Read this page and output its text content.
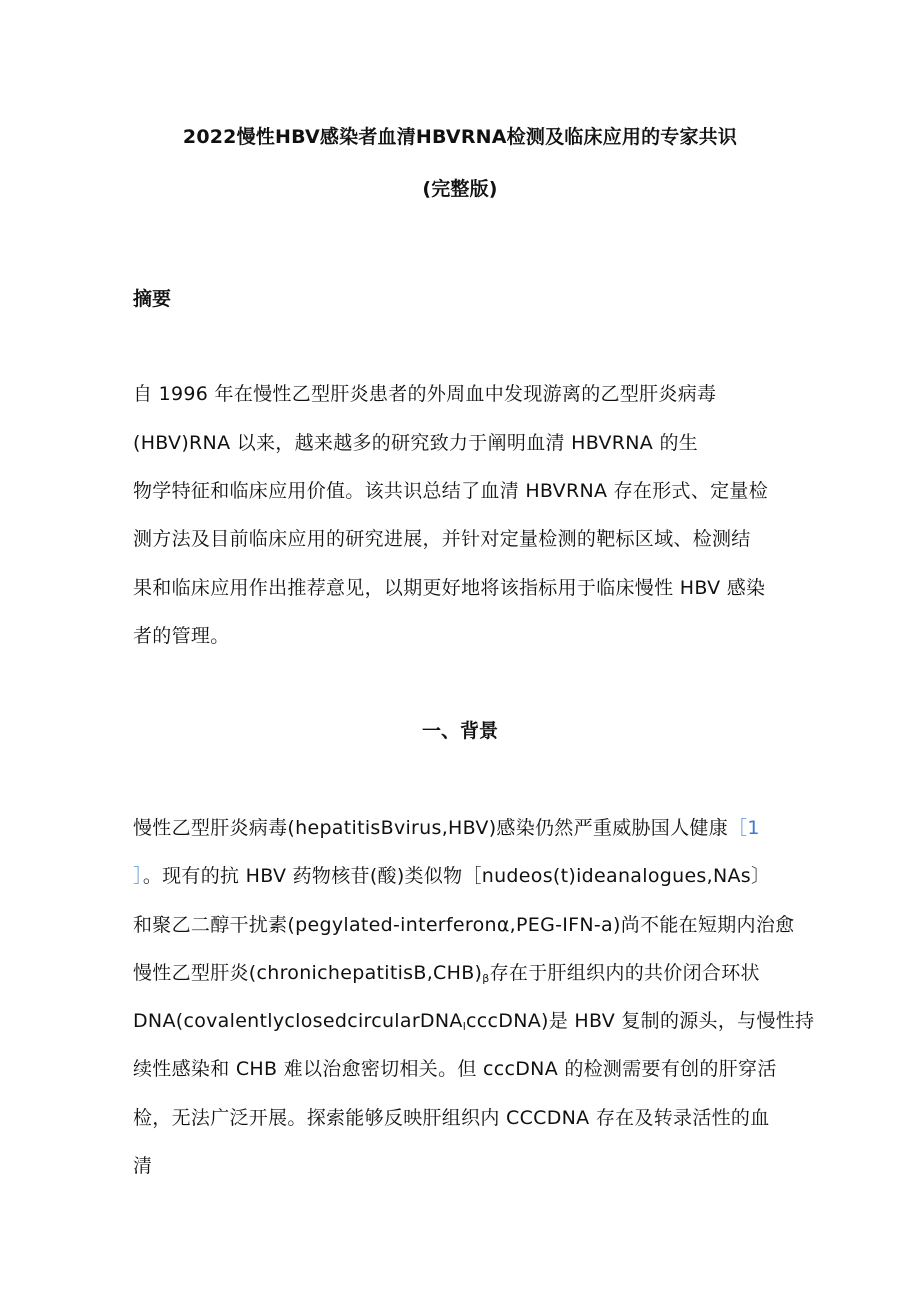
2022慢性HBV感染者血清HBVRNA检测及临床应用的专家共识
(完整版)
摘要
自 1996 年在慢性乙型肝炎患者的外周血中发现游离的乙型肝炎病毒
(HBV)RNA 以来，越来越多的研究致力于阐明血清 HBVRNA 的生
物学特征和临床应用价值。该共识总结了血清 HBVRNA 存在形式、定量检
测方法及目前临床应用的研究进展，并针对定量检测的靶标区域、检测结
果和临床应用作出推荐意见，以期更好地将该指标用于临床慢性 HBV 感染
者的管理。
一、背景
慢性乙型肝炎病毒(hepatitisBvirus,HBV)感染仍然严重威胁国人健康［1
］。现有的抗 HBV 药物核苷(酸)类似物［nudeos(t)ideanalogues,NAs〕
和聚乙二醇干扰素(pegylated-interferonα,PEG-IFN-a)尚不能在短期内治愈
慢性乙型肝炎$(chronichepatitisB,CHB)_\beta$存在于肝组织内的共价闭合环状
DNA(covalentlyclosedcircularDNA$_l$cccDNA)是 HBV 复制的源头，与慢性持
续性感染和 CHB 难以治愈密切相关。但 cccDNA 的检测需要有创的肝穿活
检，无法广泛开展。探索能够反映肝组织内 CCCDNA 存在及转录活性的血
清
